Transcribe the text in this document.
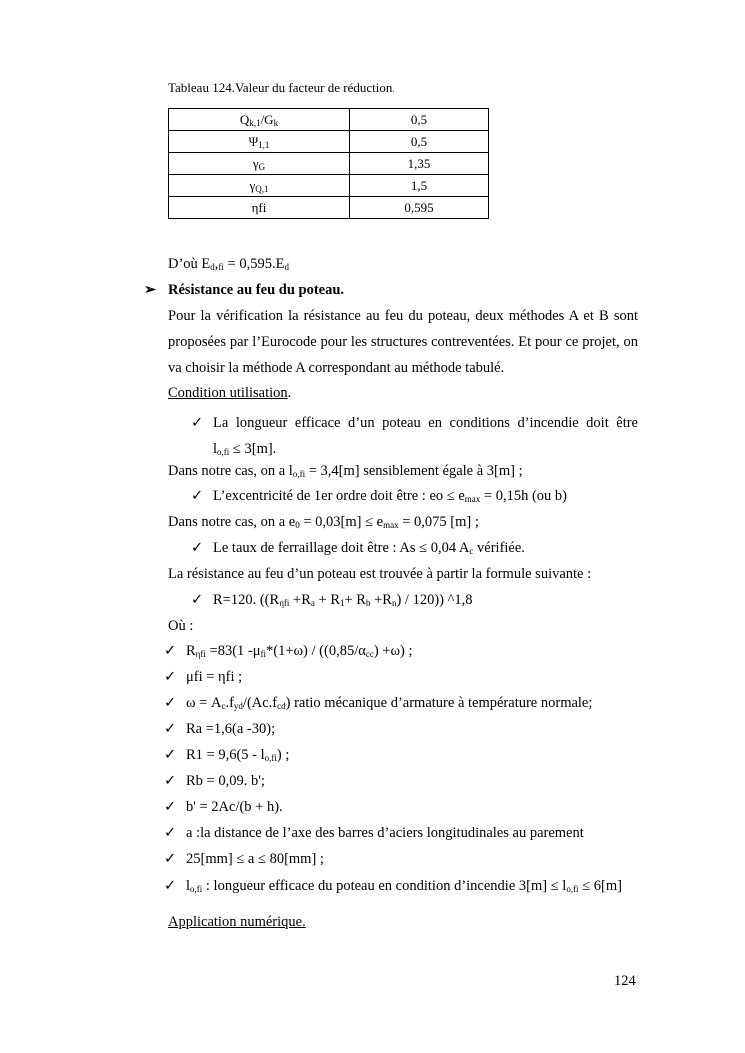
Tableau 124.Valeur du facteur de réduction.
$Q_{k,1}/G_k$	0,5
$\Psi_{1,1}$	0,5
$\gamma_G$	1,35
$\gamma_{Q,1}$	1,5
ηfi	0,595
D’où $E_d,_{fi} = 0,595.E_d$
➢ Résistance au feu du poteau.
Pour la vérification la résistance au feu du poteau, deux méthodes A et B sont proposées par l’Eurocode pour les structures contreventées. Et pour ce projet, on va choisir la méthode A correspondant au méthode tabulé.
Condition utilisation.
✓ La longueur efficace d’un poteau en conditions d’incendie doit être
$l_{o,fi} \le 3[m]$.
Dans notre cas, on a $l_{o,fi} = 3,4[m]$ sensiblement égale à 3[m] ;
✓ L’excentricité de 1er ordre doit être : eo ≤ $e_{max} = 0,15h$ (ou b)
Dans notre cas, on a $e_0 = 0,03[m] \le e_{max} = 0,075$ [m] ;
✓ Le taux de ferraillage doit être : As ≤ 0,04 $A_c$ vérifiée.
La résistance au feu d’un poteau est trouvée à partir la formule suivante :
✓ R=120. $((R_{\eta fi} +R_a + R_1+ R_b +R_n) / 120)$) ^1,8
Où :
✓ $R_{\eta fi} =83(1$ $-\mu_{fi}*(1+\omega) / ((0,85/\alpha_{cc}) +\omega)$ ;
✓ μfi = ηfi ;
✓ $\omega = A_c.f_{yd}/(Ac.f_{cd})$ ratio mécanique d’armature à température normale;
✓ Ra =1,6(a -30);
✓ $R1 = 9,6(5 - l_{o,fi})$ ;
✓ Rb = 0,09. b';
✓ b' = 2Ac/(b + h).
✓ a :la distance de l’axe des barres d’aciers longitudinales au parement
✓ 25[mm] ≤ a ≤ 80[mm] ;
✓ $l_{o,fi}$ : longueur efficace du poteau en condition d’incendie $3[m] \le l_{o,fi} \le 6[m]$
Application numérique.
124
